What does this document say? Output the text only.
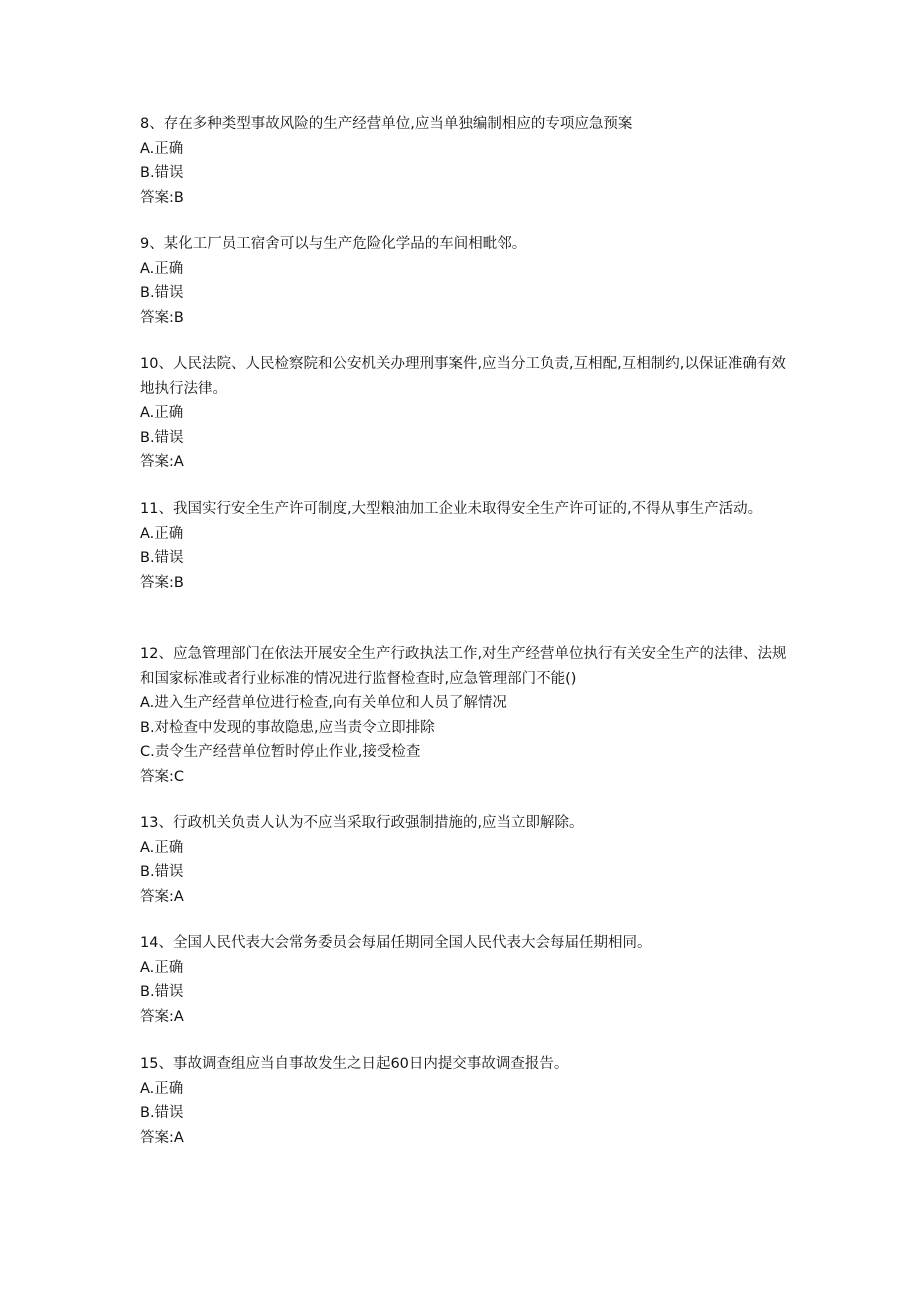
8、存在多种类型事故风险的生产经营单位,应当单独编制相应的专项应急预案
A.正确
B.错误
答案:B
9、某化工厂员工宿舍可以与生产危险化学品的车间相毗邻。
A.正确
B.错误
答案:B
10、人民法院、人民检察院和公安机关办理刑事案件,应当分工负责,互相配,互相制约,以保证准确有效地执行法律。
A.正确
B.错误
答案:A
11、我国实行安全生产许可制度,大型粮油加工企业未取得安全生产许可证的,不得从事生产活动。
A.正确
B.错误
答案:B
12、应急管理部门在依法开展安全生产行政执法工作,对生产经营单位执行有关安全生产的法律、法规和国家标准或者行业标准的情况进行监督检查时,应急管理部门不能()
A.进入生产经营单位进行检查,向有关单位和人员了解情况
B.对检查中发现的事故隐患,应当责令立即排除
C.责令生产经营单位暂时停止作业,接受检查
答案:C
13、行政机关负责人认为不应当采取行政强制措施的,应当立即解除。
A.正确
B.错误
答案:A
14、全国人民代表大会常务委员会每届任期同全国人民代表大会每届任期相同。
A.正确
B.错误
答案:A
15、事故调查组应当自事故发生之日起60日内提交事故调查报告。
A.正确
B.错误
答案:A
